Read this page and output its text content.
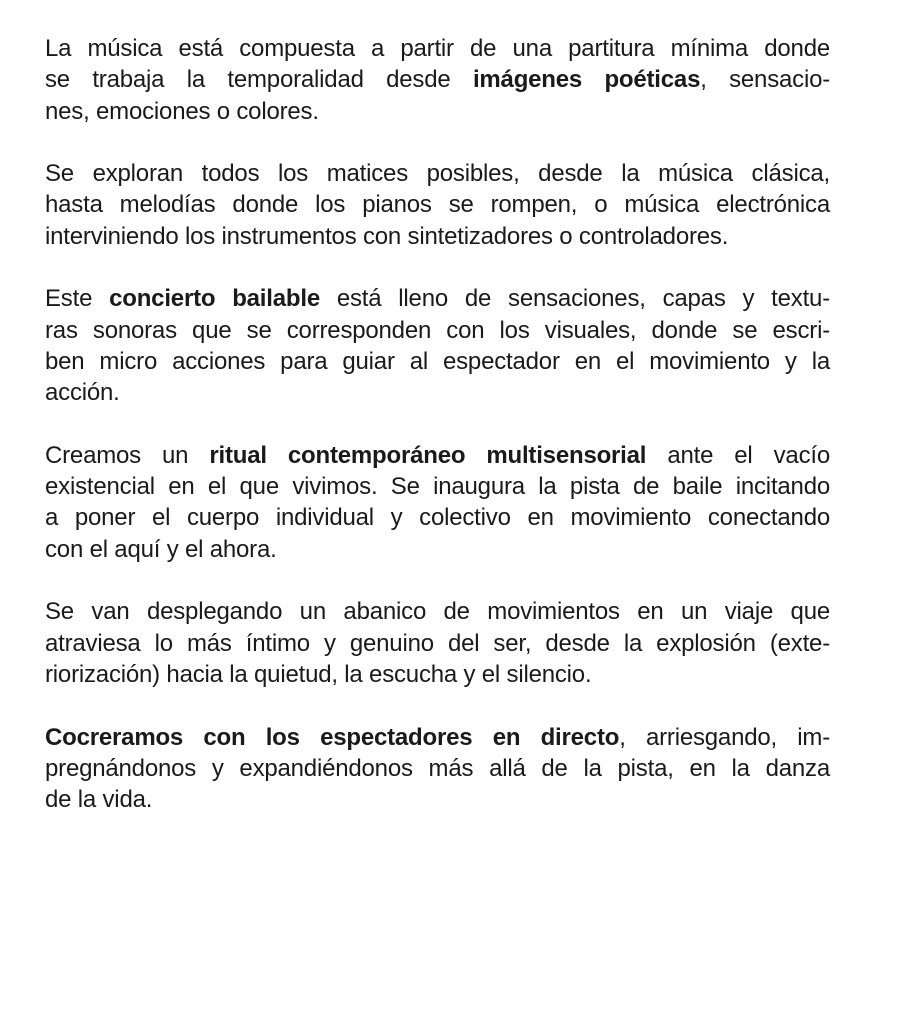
La música está compuesta a partir de una partitura mínima donde
se trabaja la temporalidad desde imágenes poéticas, sensacio-
nes, emociones o colores.

Se exploran todos los matices posibles, desde la música clásica,
hasta melodías donde los pianos se rompen, o música electrónica
interviniendo los instrumentos con sintetizadores o controladores.

Este concierto bailable está lleno de sensaciones, capas y textu-
ras sonoras que se corresponden con los visuales, donde se escri-
ben micro acciones para guiar al espectador en el movimiento y la
acción.

Creamos un ritual contemporáneo multisensorial ante el vacío
existencial en el que vivimos. Se inaugura la pista de baile incitando
a poner el cuerpo individual y colectivo en movimiento conectando
con el aquí y el ahora.

Se van desplegando un abanico de movimientos en un viaje que
atraviesa lo más íntimo y genuino del ser, desde la explosión (exte-
riorización) hacia la quietud, la escucha y el silencio.

Cocreramos con los espectadores en directo, arriesgando, im-
pregnándonos y expandiéndonos más allá de la pista, en la danza
de la vida.
